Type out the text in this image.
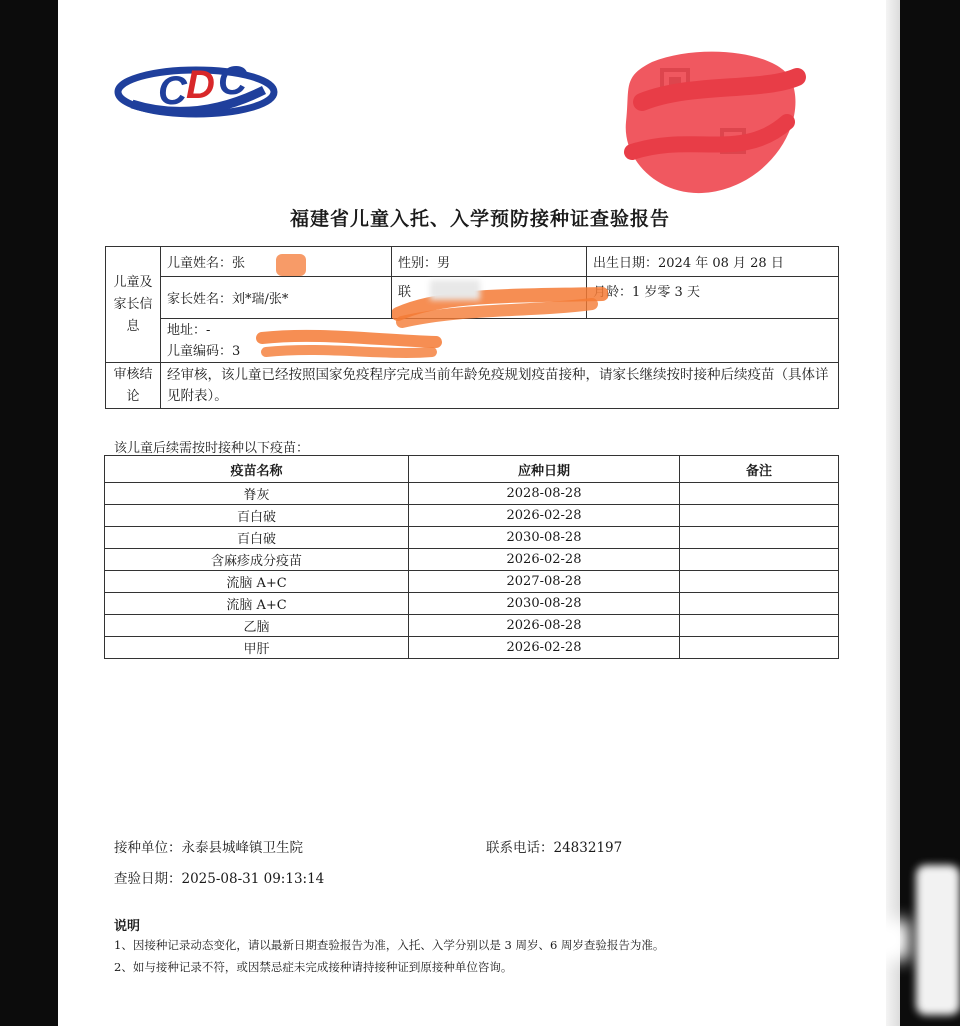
C D C
福建省儿童入托、入学预防接种证查验报告
儿童及家长信息	儿童姓名：张	性别：男	出生日期：2024 年 08 月 28 日
	家长姓名：刘*瑞/张*	联	月龄：1 岁零 3 天

	地址：-
儿童编码：3		

审核结论	经审核，该儿童已经按照国家免疫程序完成当前年龄免疫规划疫苗接种，请家长继续按时接种后续疫苗（具体详见附表）。		
该儿童后续需按时接种以下疫苗：
疫苗名称	应种日期	备注
脊灰	2028-08-28	
百白破	2026-02-28	
百白破	2030-08-28	
含麻疹成分疫苗	2026-02-28	
流脑 A+C	2027-08-28	
流脑 A+C	2030-08-28	
乙脑	2026-08-28	
甲肝	2026-02-28	
接种单位：永泰县城峰镇卫生院	联系电话：24832197
查验日期：2025-08-31 09:13:14
说明
1、因接种记录动态变化，请以最新日期查验报告为准，入托、入学分别以是 3 周岁、6 周岁查验报告为准。
2、如与接种记录不符，或因禁忌症未完成接种请持接种证到原接种单位咨询。
